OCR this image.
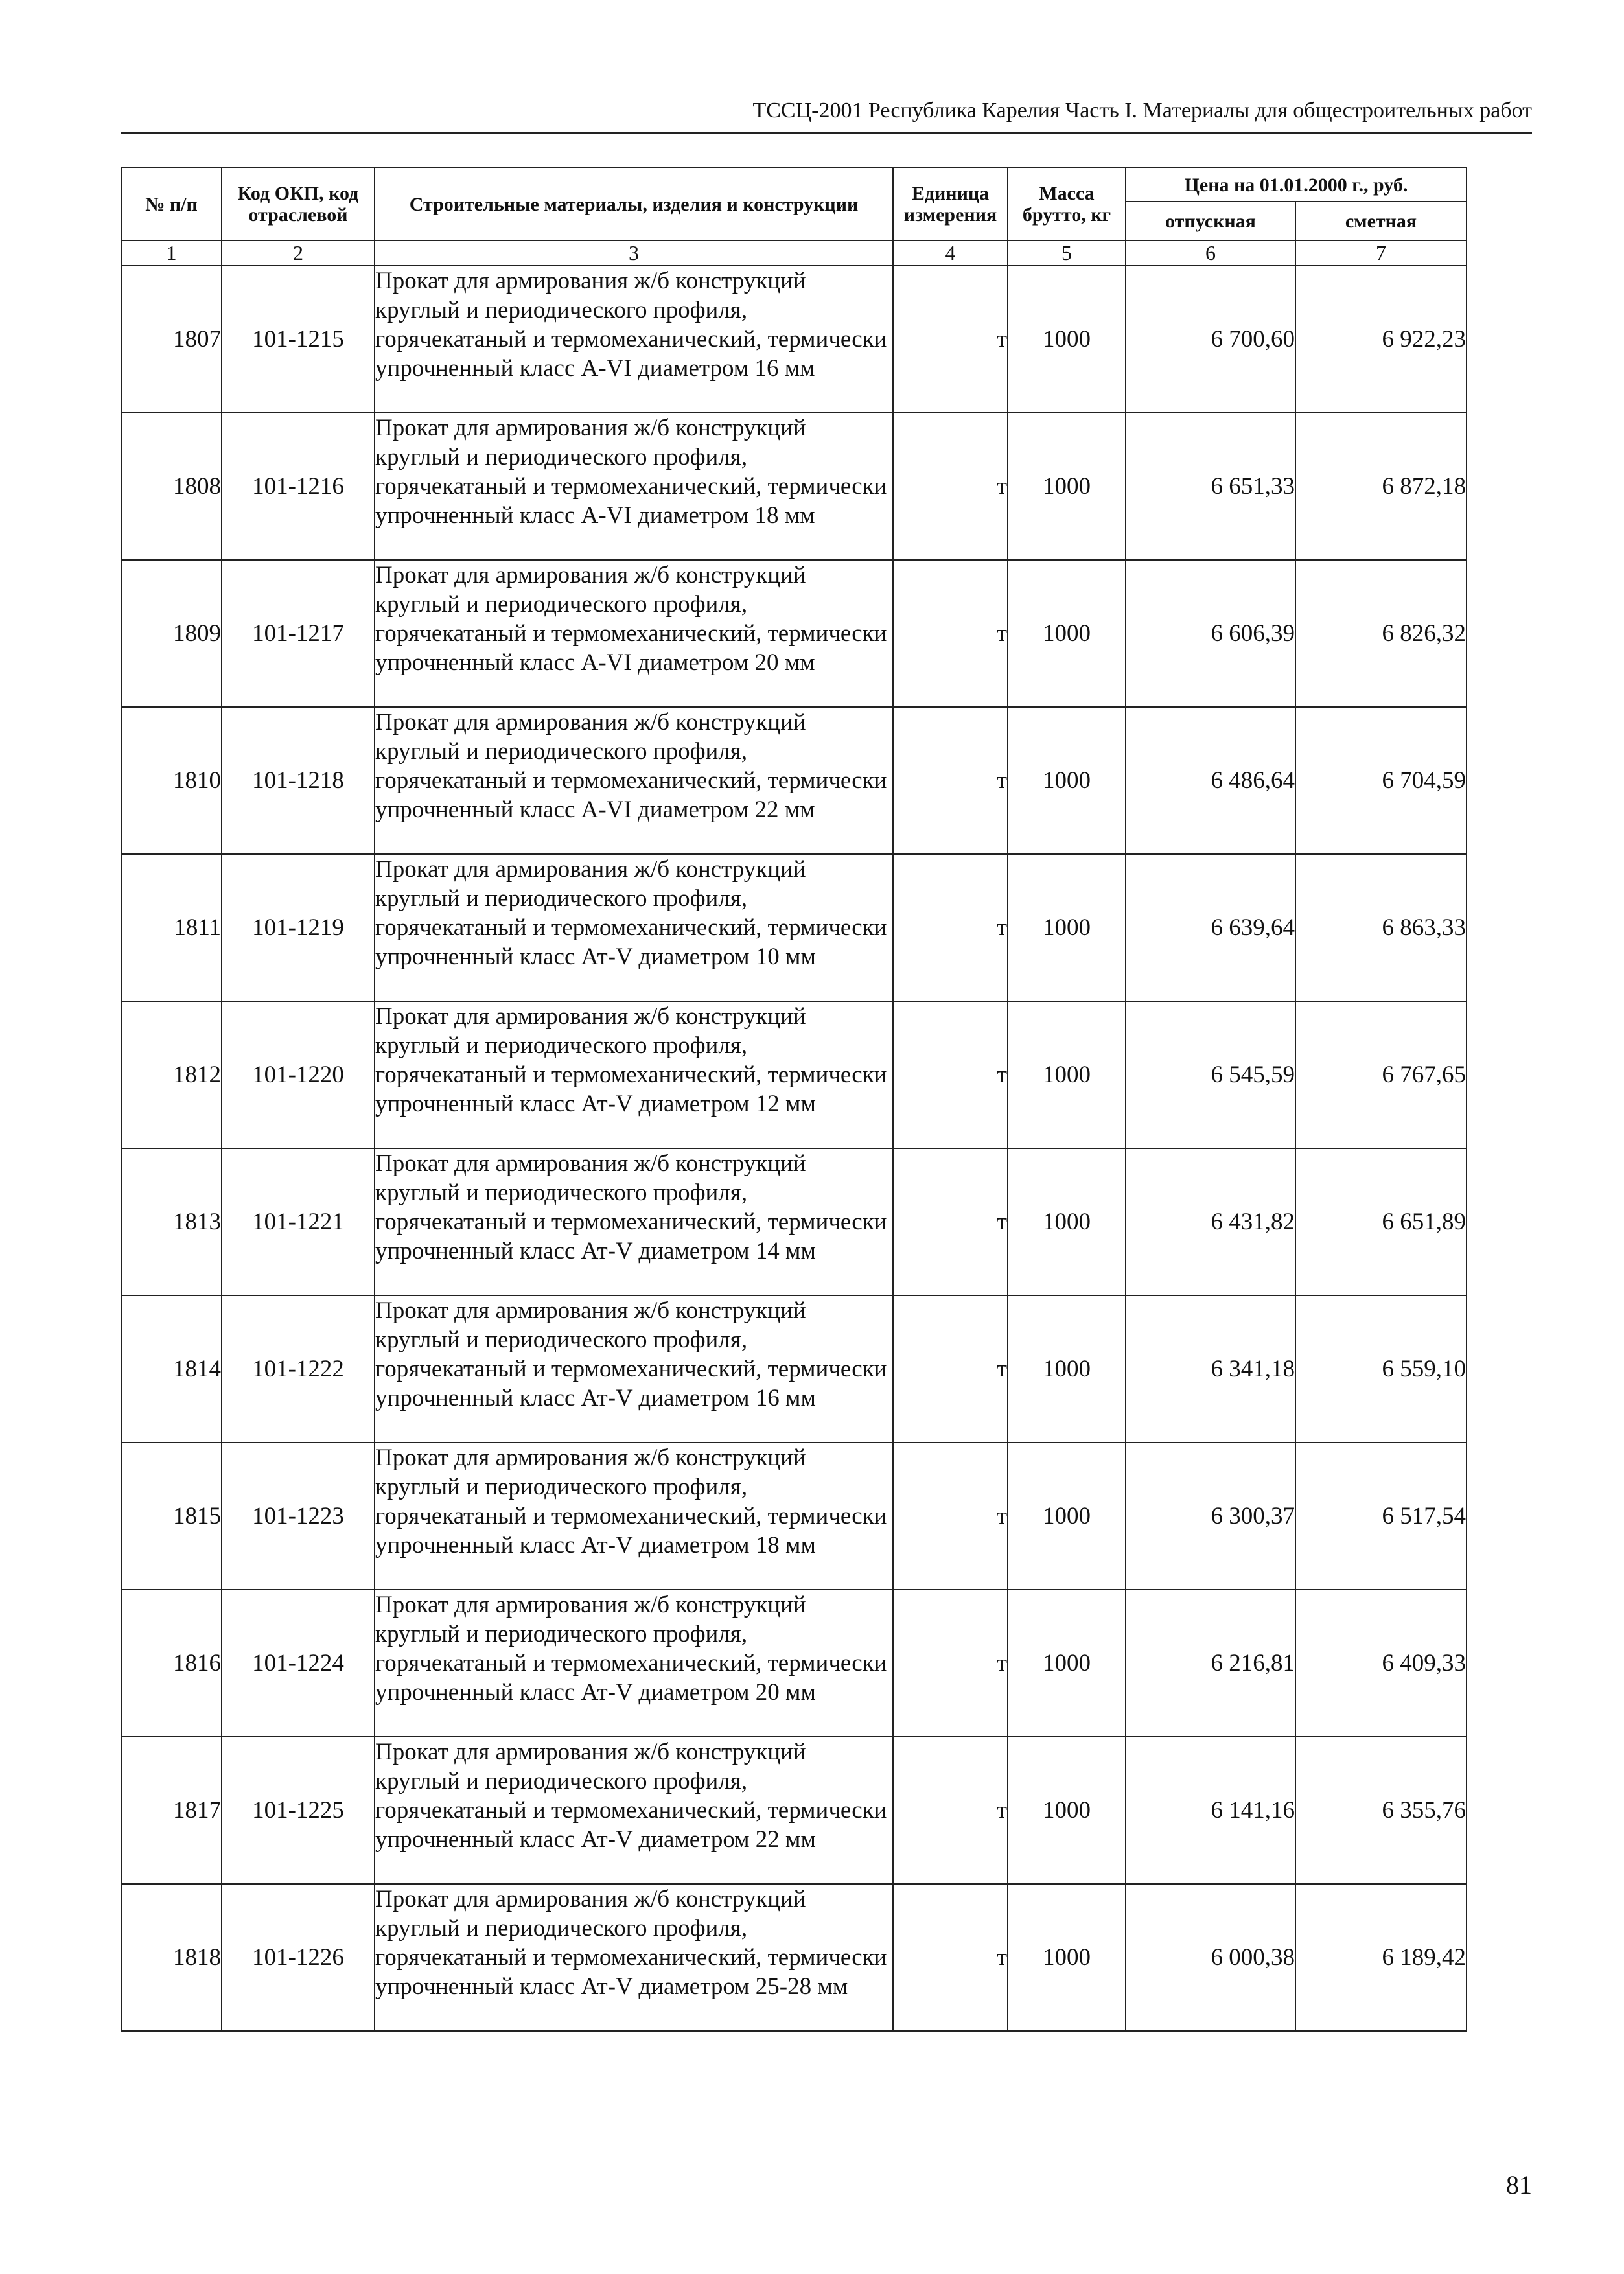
ТССЦ-2001 Республика Карелия Часть I. Материалы для общестроительных работ
№ п/п	Код ОКП, код отраслевой	Строительные материалы, изделия и конструкции	Единица измерения	Масса брутто, кг	Цена на 01.01.2000 г., руб.	
					отпускная	сметная
1	2	3	4	5	6	7
1807	101-1215	Прокат для армирования ж/б конструкций круглый и периодического профиля, горячекатаный и термомеханический, термически упрочненный класс A-VI диаметром 16 мм	т	1000	6 700,60	6 922,23
1808	101-1216	Прокат для армирования ж/б конструкций круглый и периодического профиля, горячекатаный и термомеханический, термически упрочненный класс A-VI диаметром 18 мм	т	1000	6 651,33	6 872,18
1809	101-1217	Прокат для армирования ж/б конструкций круглый и периодического профиля, горячекатаный и термомеханический, термически упрочненный класс A-VI диаметром 20 мм	т	1000	6 606,39	6 826,32
1810	101-1218	Прокат для армирования ж/б конструкций круглый и периодического профиля, горячекатаный и термомеханический, термически упрочненный класс A-VI диаметром 22 мм	т	1000	6 486,64	6 704,59
1811	101-1219	Прокат для армирования ж/б конструкций круглый и периодического профиля, горячекатаный и термомеханический, термически упрочненный класс Ат-V диаметром 10 мм	т	1000	6 639,64	6 863,33
1812	101-1220	Прокат для армирования ж/б конструкций круглый и периодического профиля, горячекатаный и термомеханический, термически упрочненный класс Ат-V диаметром 12 мм	т	1000	6 545,59	6 767,65
1813	101-1221	Прокат для армирования ж/б конструкций круглый и периодического профиля, горячекатаный и термомеханический, термически упрочненный класс Ат-V диаметром 14 мм	т	1000	6 431,82	6 651,89
1814	101-1222	Прокат для армирования ж/б конструкций круглый и периодического профиля, горячекатаный и термомеханический, термически упрочненный класс Ат-V диаметром 16 мм	т	1000	6 341,18	6 559,10
1815	101-1223	Прокат для армирования ж/б конструкций круглый и периодического профиля, горячекатаный и термомеханический, термически упрочненный класс Ат-V диаметром 18 мм	т	1000	6 300,37	6 517,54
1816	101-1224	Прокат для армирования ж/б конструкций круглый и периодического профиля, горячекатаный и термомеханический, термически упрочненный класс Ат-V диаметром 20 мм	т	1000	6 216,81	6 409,33
1817	101-1225	Прокат для армирования ж/б конструкций круглый и периодического профиля, горячекатаный и термомеханический, термически упрочненный класс Ат-V диаметром 22 мм	т	1000	6 141,16	6 355,76
1818	101-1226	Прокат для армирования ж/б конструкций круглый и периодического профиля, горячекатаный и термомеханический, термически упрочненный класс Ат-V диаметром 25-28 мм	т	1000	6 000,38	6 189,42
81
